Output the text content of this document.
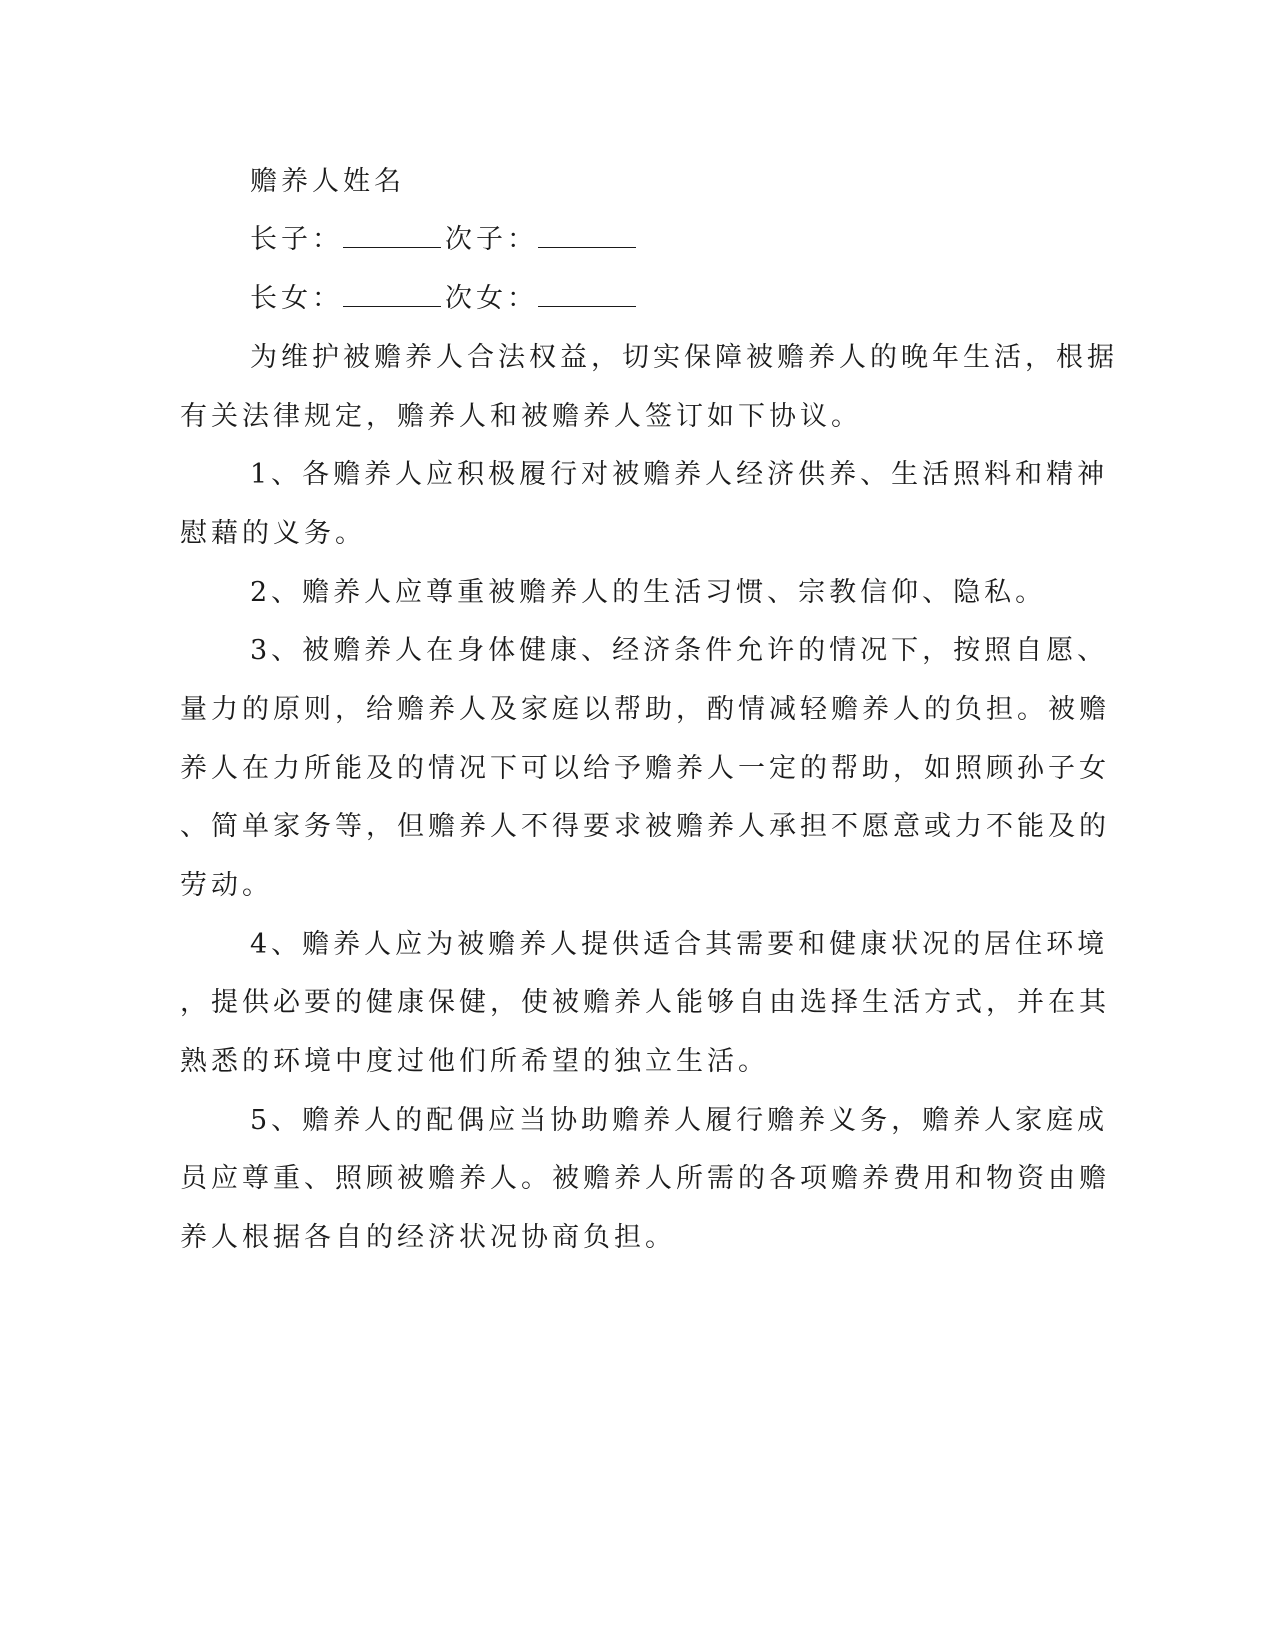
赡养人姓名
长子：	次子：
长女：	次女：
为维护被赡养人合法权益，切实保障被赡养人的晚年生活，根据
有关法律规定，赡养人和被赡养人签订如下协议。
1、各赡养人应积极履行对被赡养人经济供养、生活照料和精神
慰藉的义务。
2、赡养人应尊重被赡养人的生活习惯、宗教信仰、隐私。
3、被赡养人在身体健康、经济条件允许的情况下，按照自愿、
量力的原则，给赡养人及家庭以帮助，酌情减轻赡养人的负担。被赡
养人在力所能及的情况下可以给予赡养人一定的帮助，如照顾孙子女
、简单家务等，但赡养人不得要求被赡养人承担不愿意或力不能及的
劳动。
4、赡养人应为被赡养人提供适合其需要和健康状况的居住环境
，提供必要的健康保健，使被赡养人能够自由选择生活方式，并在其
熟悉的环境中度过他们所希望的独立生活。
5、赡养人的配偶应当协助赡养人履行赡养义务，赡养人家庭成
员应尊重、照顾被赡养人。被赡养人所需的各项赡养费用和物资由赡
养人根据各自的经济状况协商负担。
